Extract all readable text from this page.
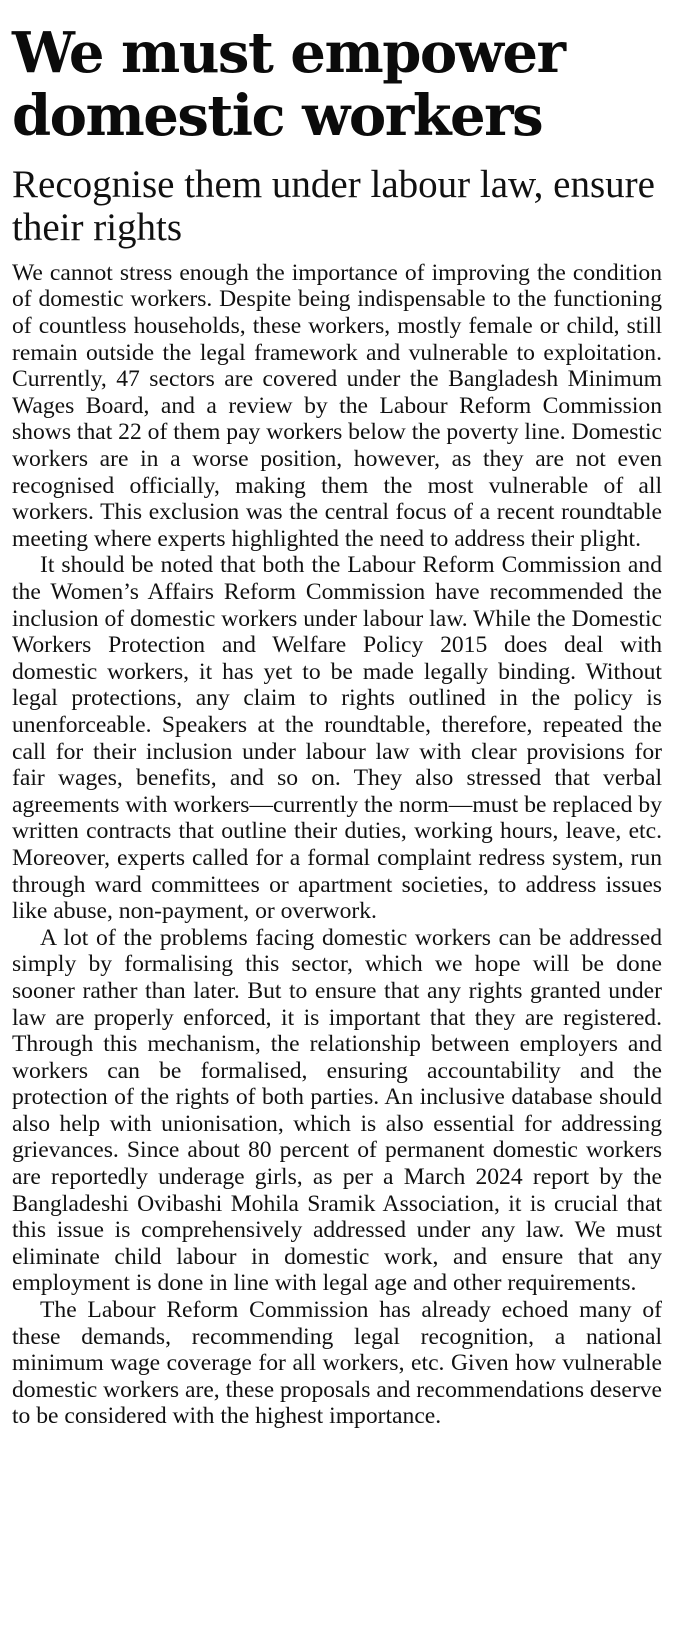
We must empower domestic workers
Recognise them under labour law, ensure their rights

We cannot stress enough the importance of improving the condition of domestic workers. Despite being indispensable to the functioning of countless households, these workers, mostly female or child, still remain outside the legal framework and vulnerable to exploitation. Currently, 47 sectors are covered under the Bangladesh Minimum Wages Board, and a review by the Labour Reform Commission shows that 22 of them pay workers below the poverty line. Domestic workers are in a worse position, however, as they are not even recognised officially, making them the most vulnerable of all workers. This exclusion was the central focus of a recent roundtable meeting where experts highlighted the need to address their plight.

It should be noted that both the Labour Reform Commission and the Women’s Affairs Reform Commission have recommended the inclusion of domestic workers under labour law. While the Domestic Workers Protection and Welfare Policy 2015 does deal with domestic workers, it has yet to be made legally binding. Without legal protections, any claim to rights outlined in the policy is unenforceable. Speakers at the roundtable, therefore, repeated the call for their inclusion under labour law with clear provisions for fair wages, benefits, and so on. They also stressed that verbal agreements with workers—currently the norm—must be replaced by written contracts that outline their duties, working hours, leave, etc. Moreover, experts called for a formal complaint redress system, run through ward committees or apartment societies, to address issues like abuse, non-payment, or overwork.

A lot of the problems facing domestic workers can be addressed simply by formalising this sector, which we hope will be done sooner rather than later. But to ensure that any rights granted under law are properly enforced, it is important that they are registered. Through this mechanism, the relationship between employers and workers can be formalised, ensuring accountability and the protection of the rights of both parties. An inclusive database should also help with unionisation, which is also essential for addressing grievances. Since about 80 percent of permanent domestic workers are reportedly underage girls, as per a March 2024 report by the Bangladeshi Ovibashi Mohila Sramik Association, it is crucial that this issue is comprehensively addressed under any law. We must eliminate child labour in domestic work, and ensure that any employment is done in line with legal age and other requirements.

The Labour Reform Commission has already echoed many of these demands, recommending legal recognition, a national minimum wage coverage for all workers, etc. Given how vulnerable domestic workers are, these proposals and recommendations deserve to be considered with the highest importance.
